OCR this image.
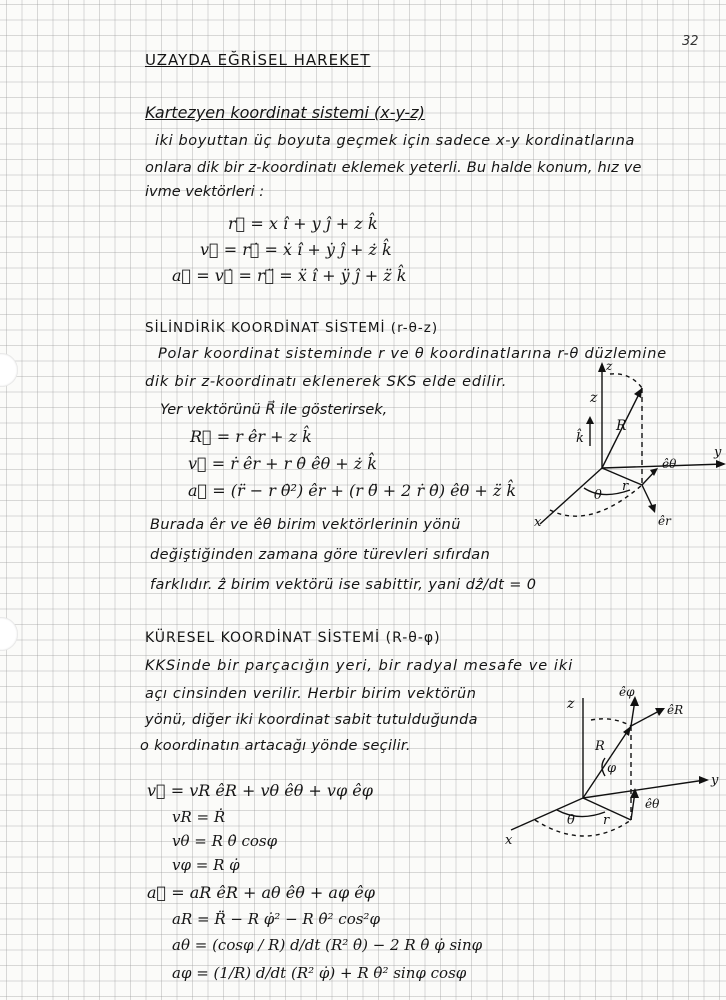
32
UZAYDA EĞRİSEL HAREKET
Kartezyen koordinat sistemi (x-y-z)
iki boyuttan üç boyuta geçmek için sadece x-y kordinatlarına
onlara dik bir z-koordinatı eklemek yeterli. Bu halde konum, hız ve
ivme vektörleri :
r⃗ = x î + y ĵ + z k̂
v⃗ = r⃗̇ = ẋ î + ẏ ĵ + ż k̂
a⃗ = v⃗̇ = r⃗̈ = ẍ î + ÿ ĵ + z̈ k̂
SİLİNDİRİK KOORDİNAT SİSTEMİ (r-θ-z)
Polar koordinat sisteminde r ve θ koordinatlarına r-θ düzlemine
dik bir z-koordinatı eklenerek SKS elde edilir.
Yer vektörünü R⃗ ile gösterirsek,
R⃗ = r êr + z k̂
v⃗ = ṙ êr + r θ̇ êθ + ż k̂
a⃗ = (r̈ − r θ̇²) êr + (r θ̈ + 2 ṙ θ̇) êθ + z̈ k̂
Burada êr ve êθ birim vektörlerinin yönü
değiştiğinden zamana göre türevleri sıfırdan
farklıdır. ẑ birim vektörü ise sabittir, yani dẑ/dt = 0
z
z
k̂
R
θ
r
êθ
êr
x
y
KÜRESEL KOORDİNAT SİSTEMİ (R-θ-φ)
KKSinde bir parçacığın yeri, bir radyal mesafe ve iki
açı cinsinden verilir. Herbir birim vektörün
yönü, diğer iki koordinat sabit tutulduğunda
o koordinatın artacağı yönde seçilir.
v⃗ = vR êR + vθ êθ + vφ êφ
vR = Ṙ
vθ = R θ̇ cosφ
vφ = R φ̇
a⃗ = aR êR + aθ êθ + aφ êφ
aR = R̈ − R φ̇² − R θ̇² cos²φ
aθ = (cosφ / R) d/dt (R² θ̇) − 2 R θ̇ φ̇ sinφ
aφ = (1/R) d/dt (R² φ̇) + R θ̇² sinφ cosφ
z
êφ
êR
R
φ
y
θ r
x
êθ
